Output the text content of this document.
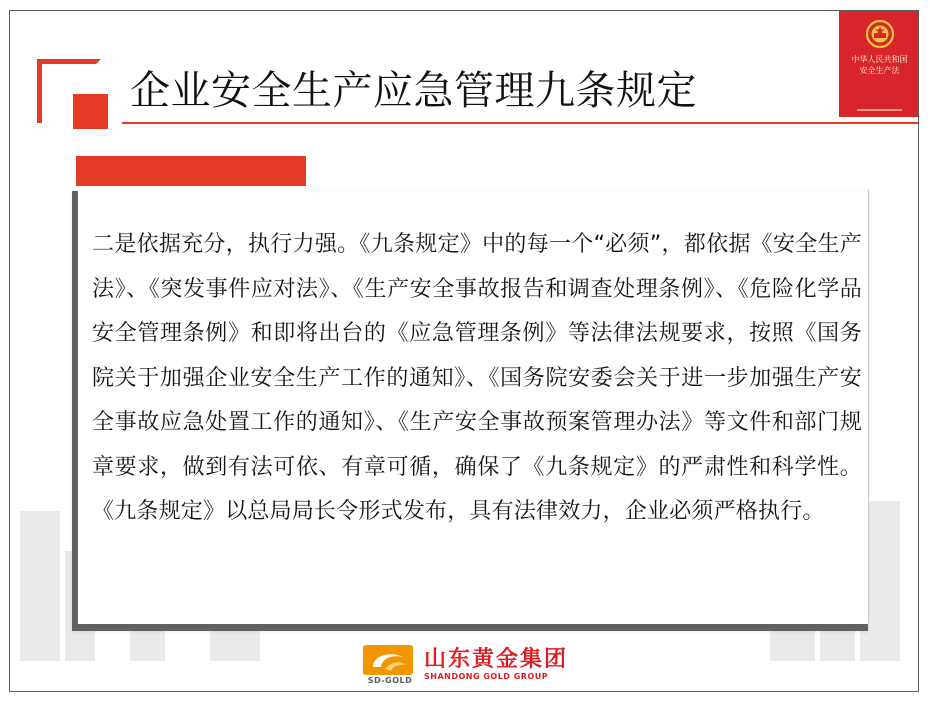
企业安全生产应急管理九条规定
中华人民共和国
安全生产法

二是依据充分，执行力强。《九条规定》中的每一个“必须”，都依据《安全生产法》、《突发事件应对法》、《生产安全事故报告和调查处理条例》、《危险化学品安全管理条例》和即将出台的《应急管理条例》等法律法规要求，按照《国务院关于加强企业安全生产工作的通知》、《国务院安委会关于进一步加强生产安全事故应急处置工作的通知》、《生产安全事故预案管理办法》等文件和部门规章要求，做到有法可依、有章可循，确保了《九条规定》的严肃性和科学性。《九条规定》以总局局长令形式发布，具有法律效力，企业必须严格执行。

SD-GOLD
山东黄金集团
SHANDONG GOLD GROUP
